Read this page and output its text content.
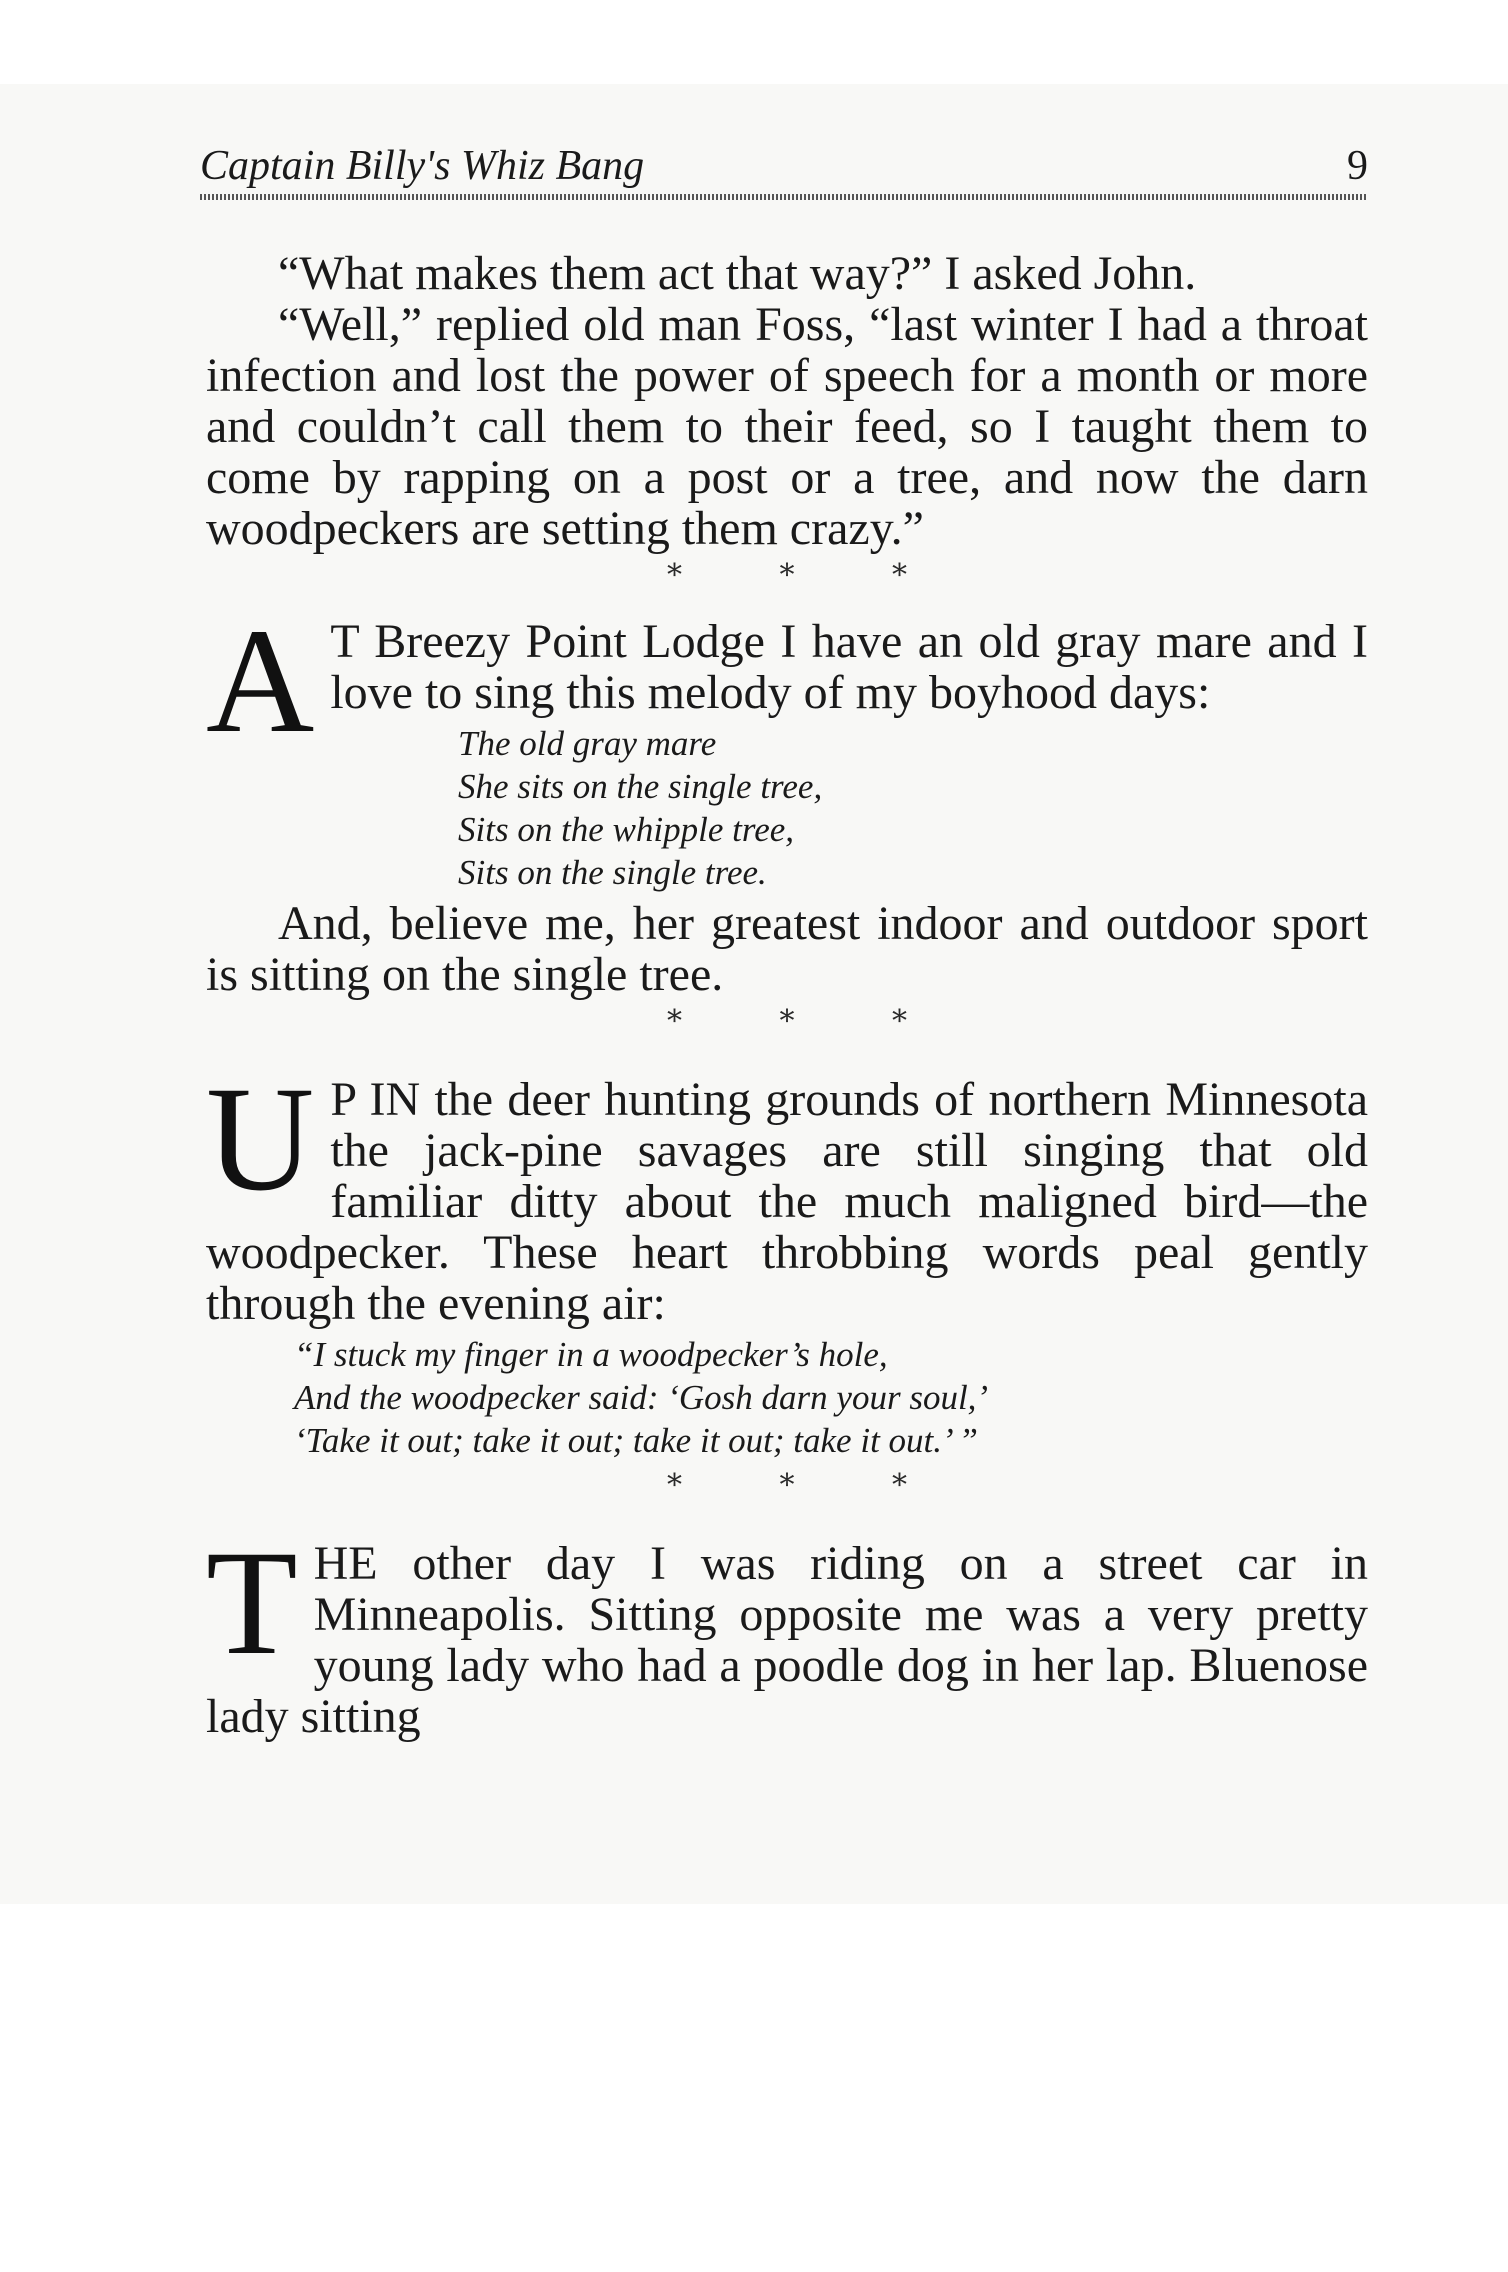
Captain Billy's Whiz Bang	9

“What makes them act that way?” I asked John.

“Well,” replied old man Foss, “last winter I had a throat infection and lost the power of speech for a month or more and couldn’t call them to their feed, so I taught them to come by rapping on a post or a tree, and now the darn woodpeckers are setting them crazy.”

* * *
A T Breezy Point Lodge I have an old gray mare and I love to sing this melody of my boyhood days:

The old gray mare
She sits on the single tree,
Sits on the whipple tree,
Sits on the single tree.

And, believe me, her greatest indoor and outdoor sport is sitting on the single tree.

* * *
U P IN the deer hunting grounds of northern Minnesota the jack-pine savages are still singing that old familiar ditty about the much maligned bird—the woodpecker. These heart throbbing words peal gently through the evening air:

“I stuck my finger in a woodpecker’s hole,
And the woodpecker said: ‘Gosh darn your soul,’
‘Take it out; take it out; take it out; take it out.’ ”
* * *
T HE other day I was riding on a street car in Minneapolis. Sitting opposite me was a very pretty young lady who had a poodle dog in her lap. Bluenose lady sitting
